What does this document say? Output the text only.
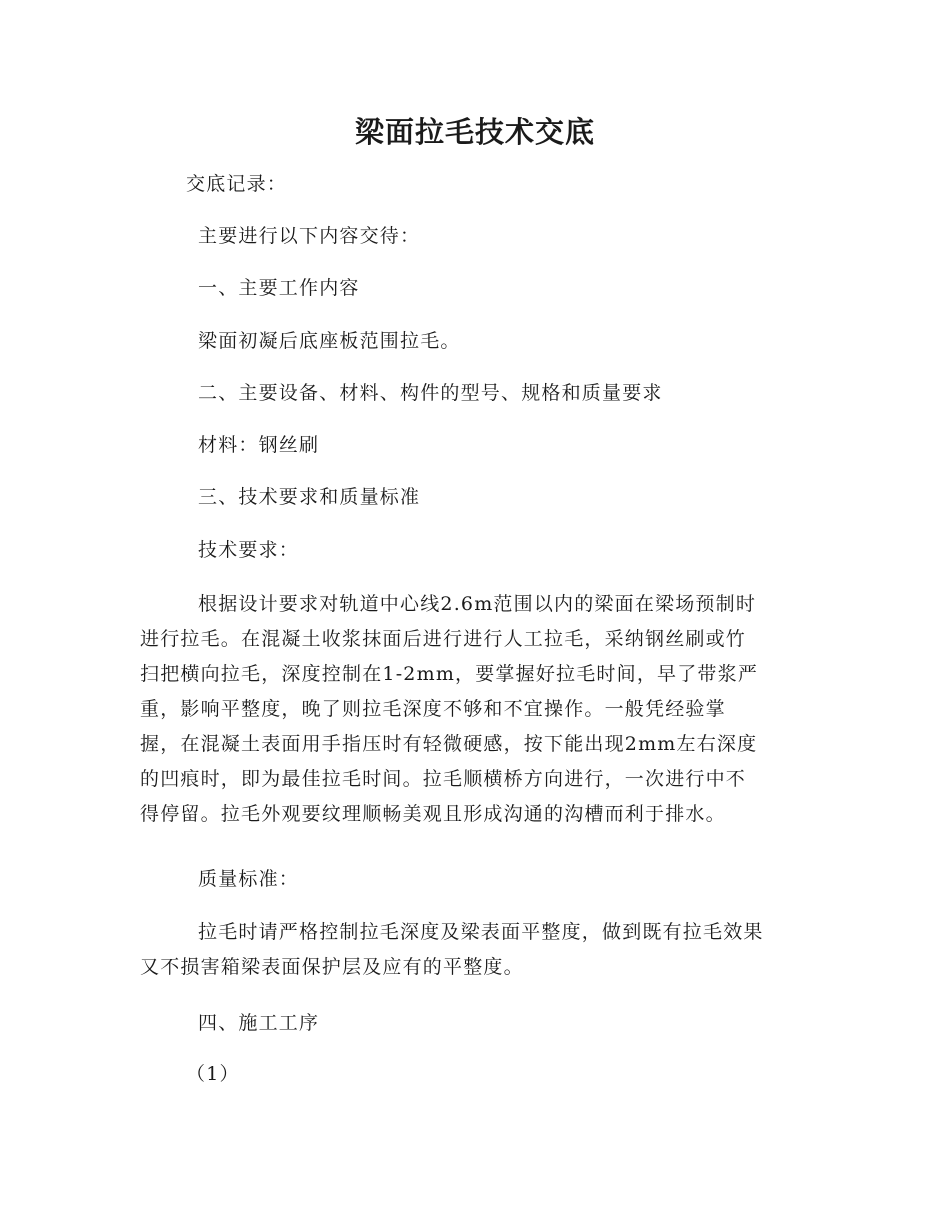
梁面拉毛技术交底
交底记录：
主要进行以下内容交待：
一、主要工作内容
梁面初凝后底座板范围拉毛。
二、主要设备、材料、构件的型号、规格和质量要求
材料：钢丝刷
三、技术要求和质量标准
技术要求：
根据设计要求对轨道中心线2.6m范围以内的梁面在梁场预制时
进行拉毛。在混凝土收浆抹面后进行进行人工拉毛，采纳钢丝刷或竹
扫把横向拉毛，深度控制在1-2mm，要掌握好拉毛时间，早了带浆严
重，影响平整度，晚了则拉毛深度不够和不宜操作。一般凭经验掌
握，在混凝土表面用手指压时有轻微硬感，按下能出现2mm左右深度
的凹痕时，即为最佳拉毛时间。拉毛顺横桥方向进行，一次进行中不
得停留。拉毛外观要纹理顺畅美观且形成沟通的沟槽而利于排水。
质量标准：
拉毛时请严格控制拉毛深度及梁表面平整度，做到既有拉毛效果
又不损害箱梁表面保护层及应有的平整度。
四、施工工序
（1）
